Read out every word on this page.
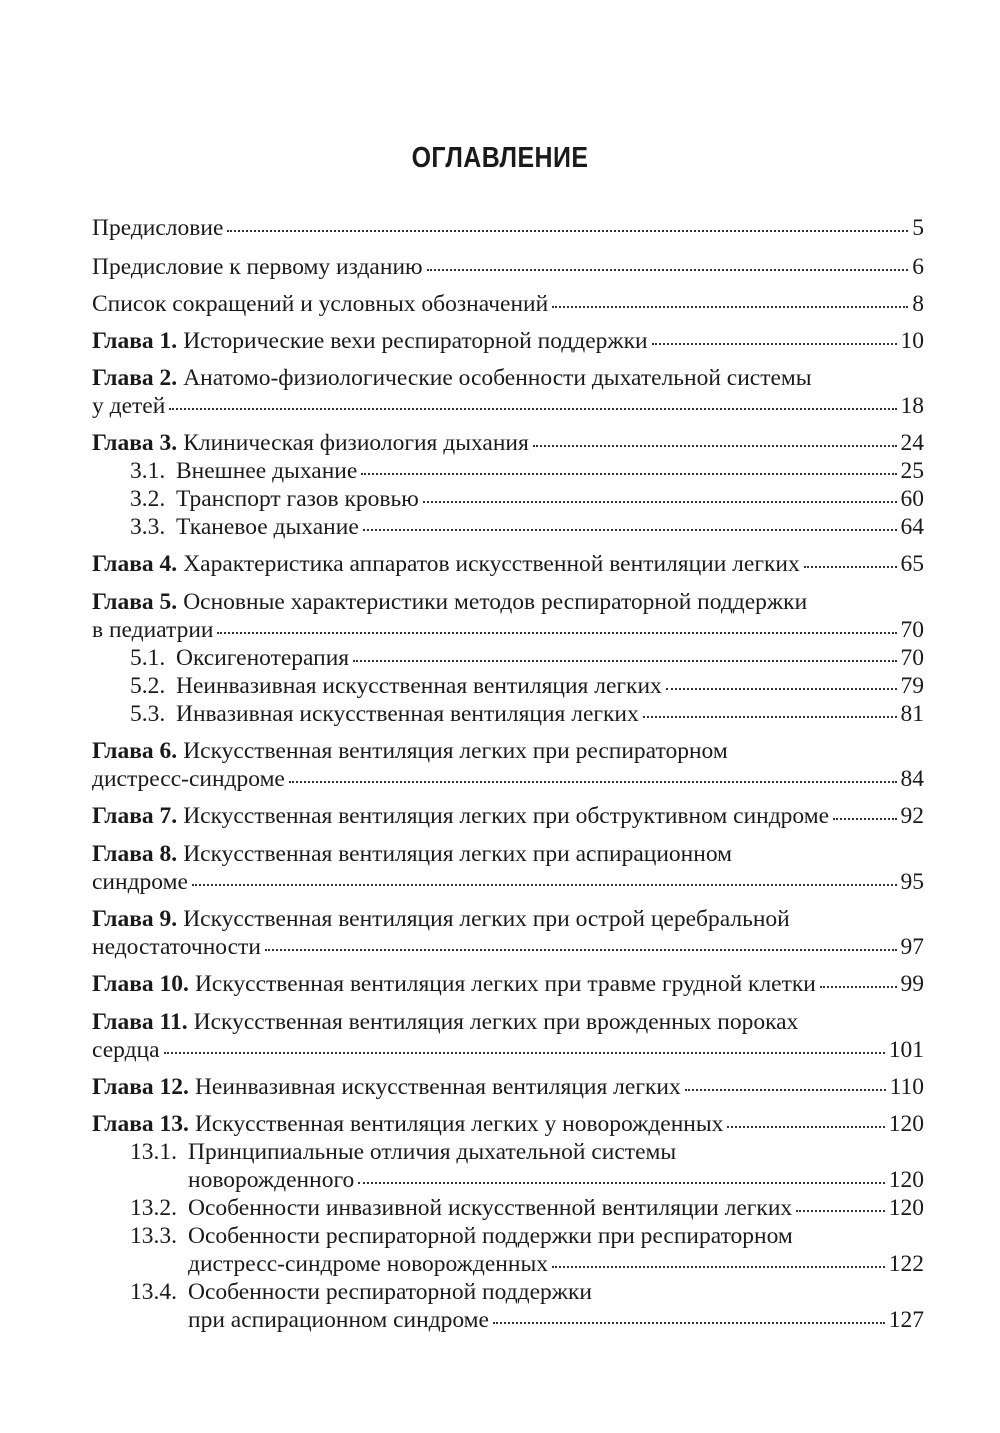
ОГЛАВЛЕНИЕ
Предисловие	5
Предисловие к первому изданию	6
Список сокращений и условных обозначений	8
Глава 1. Исторические вехи респираторной поддержки	10
Глава 2. Анатомо-физиологические особенности дыхательной системы
у детей	18
Глава 3. Клиническая физиология дыхания	24
3.1. Внешнее дыхание	25
3.2. Транспорт газов кровью	60
3.3. Тканевое дыхание	64
Глава 4. Характеристика аппаратов искусственной вентиляции легких	65
Глава 5. Основные характеристики методов респираторной поддержки
в педиатрии	70
5.1. Оксигенотерапия	70
5.2. Неинвазивная искусственная вентиляция легких	79
5.3. Инвазивная искусственная вентиляция легких	81
Глава 6. Искусственная вентиляция легких при респираторном
дистресс-синдроме	84
Глава 7. Искусственная вентиляция легких при обструктивном синдроме	92
Глава 8. Искусственная вентиляция легких при аспирационном
синдроме	95
Глава 9. Искусственная вентиляция легких при острой церебральной
недостаточности	97
Глава 10. Искусственная вентиляция легких при травме грудной клетки	99
Глава 11. Искусственная вентиляция легких при врожденных пороках
сердца	101
Глава 12. Неинвазивная искусственная вентиляция легких	110
Глава 13. Искусственная вентиляция легких у новорожденных	120
13.1. Принципиальные отличия дыхательной системы
новорожденного	120
13.2. Особенности инвазивной искусственной вентиляции легких	120
13.3. Особенности респираторной поддержки при респираторном
дистресс-синдроме новорожденных	122
13.4. Особенности респираторной поддержки
при аспирационном синдроме	127
